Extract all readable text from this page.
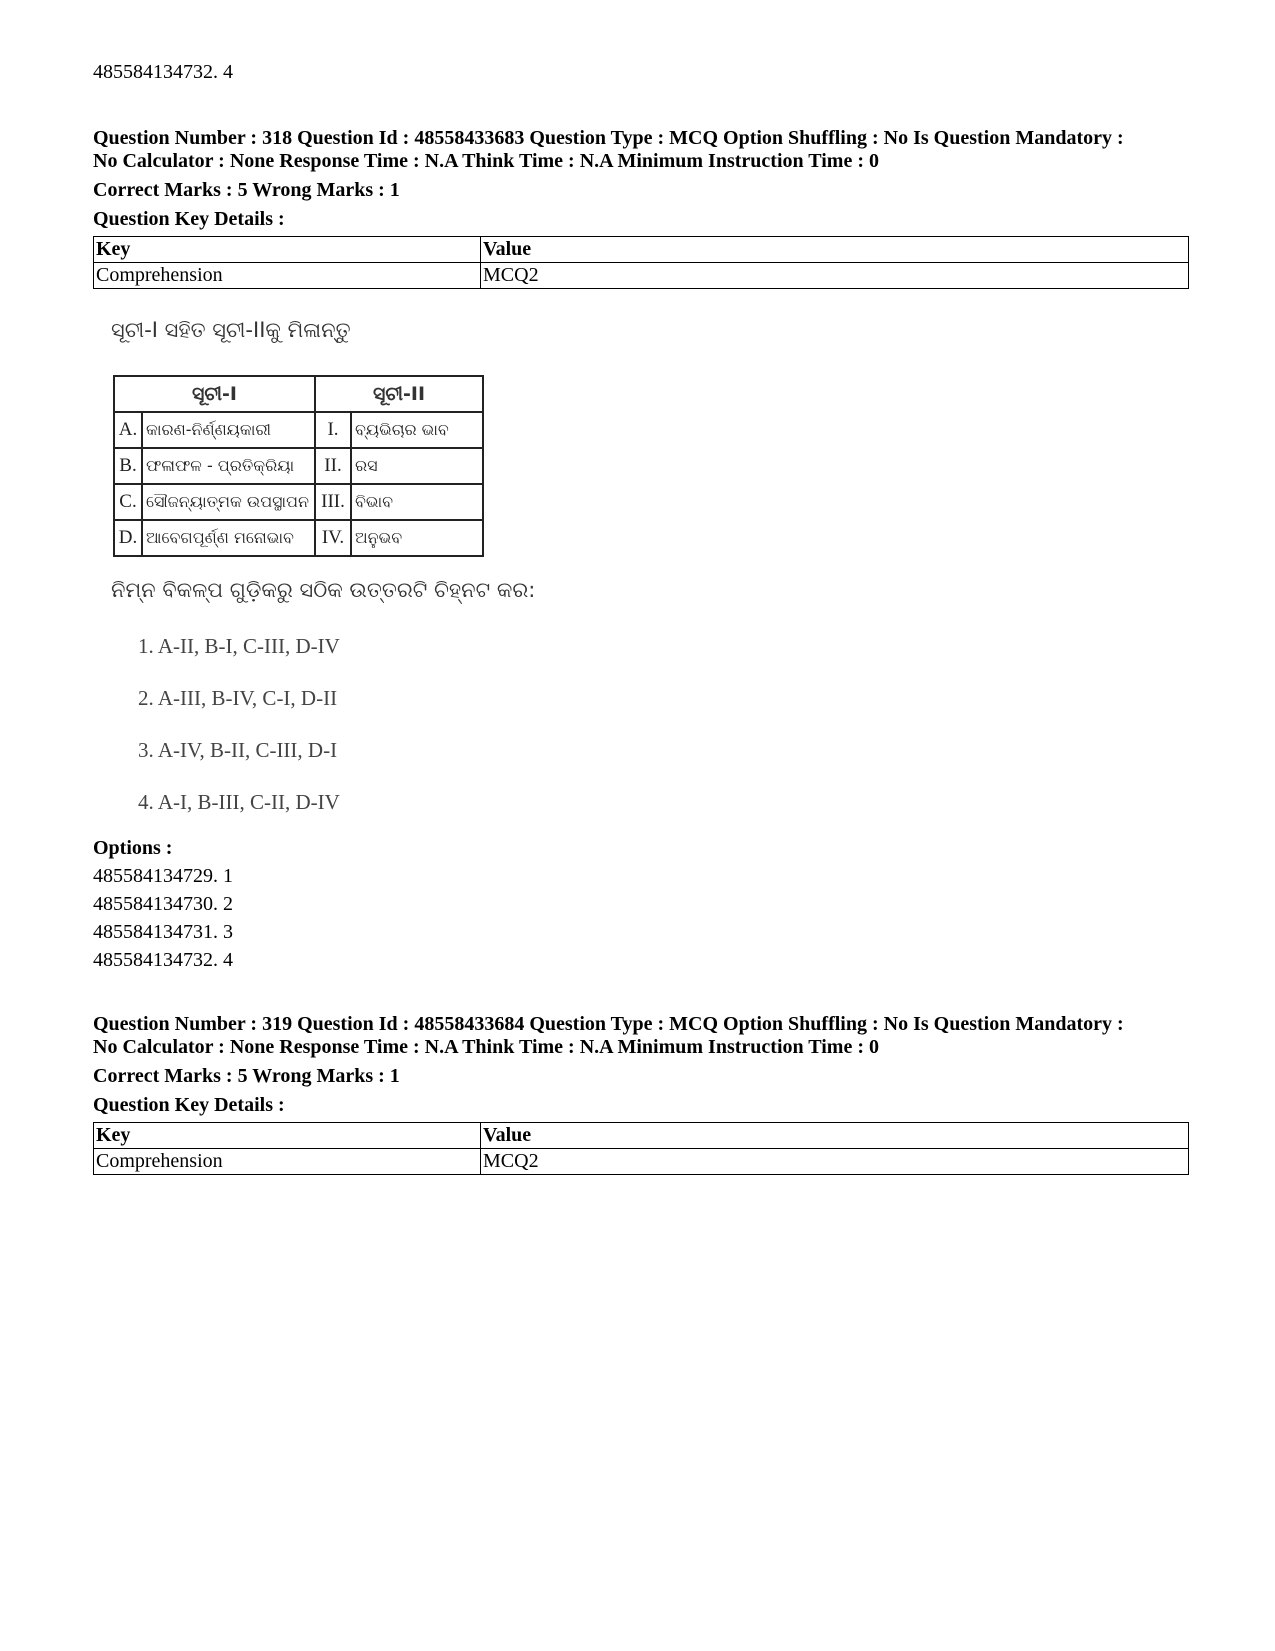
485584134732. 4
Question Number : 318 Question Id : 48558433683 Question Type : MCQ Option Shuffling : No Is Question Mandatory :
No Calculator : None Response Time : N.A Think Time : N.A Minimum Instruction Time : 0
Correct Marks : 5 Wrong Marks : 1
Question Key Details :
Key	Value
Comprehension	MCQ2
ସୂଚୀ-I ସହିତ ସୂଚୀ-IIକୁ ମିଳାନ୍ତୁ
ସୂଚୀ-I		ସୂଚୀ-II	
A.	କାରଣ-ନିର୍ଣ୍ଣୟକାରୀ	I.	ବ୍ୟଭିଚାର ଭାବ
B.	ଫଳାଫଳ - ପ୍ରତିକ୍ରିୟା	II.	ରସ
C.	ସୌଜନ୍ୟାତ୍ମକ ଉପସ୍ଥାପନ	III.	ବିଭାବ
D.	ଆବେଗପୂର୍ଣ୍ଣ ମନୋଭାବ	IV.	ଅନୁଭବ
ନିମ୍ନ ବିକଳ୍ପ ଗୁଡ଼ିକରୁ ସଠିକ ଉତ୍ତରଟି ଚିହ୍ନଟ କର:
1. A-II, B-I, C-III, D-IV
2. A-III, B-IV, C-I, D-II
3. A-IV, B-II, C-III, D-I
4. A-I, B-III, C-II, D-IV
Options :
485584134729. 1
485584134730. 2
485584134731. 3
485584134732. 4
Question Number : 319 Question Id : 48558433684 Question Type : MCQ Option Shuffling : No Is Question Mandatory :
No Calculator : None Response Time : N.A Think Time : N.A Minimum Instruction Time : 0
Correct Marks : 5 Wrong Marks : 1
Question Key Details :
Key	Value
Comprehension	MCQ2
